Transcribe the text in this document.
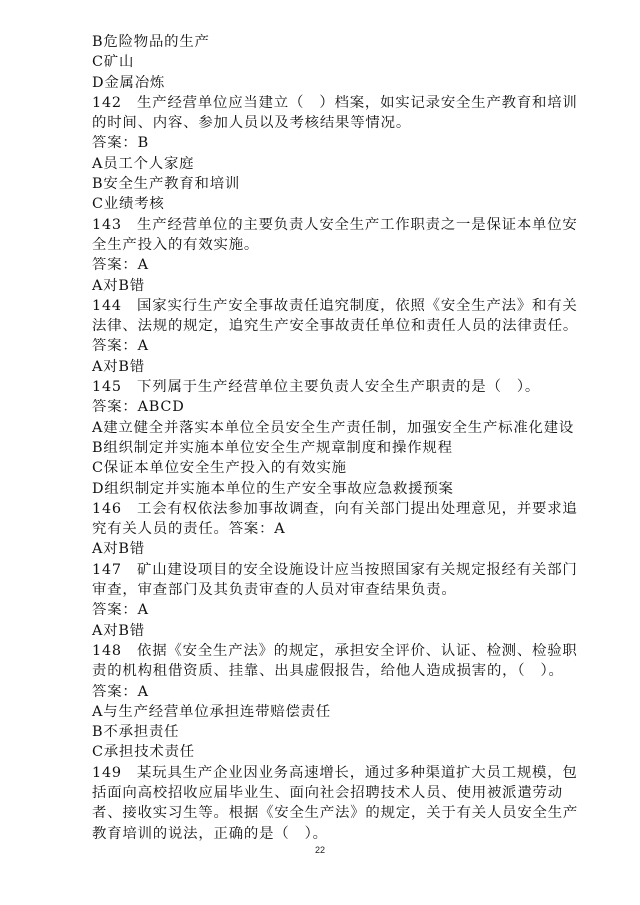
B危险物品的生产
C矿山
D金属冶炼
142　生产经营单位应当建立（　）档案，如实记录安全生产教育和培训的时间、内容、参加人员以及考核结果等情况。
答案：B
A员工个人家庭
B安全生产教育和培训
C业绩考核
143　生产经营单位的主要负责人安全生产工作职责之一是保证本单位安全生产投入的有效实施。
答案：A
A对B错
144　国家实行生产安全事故责任追究制度，依照《安全生产法》和有关法律、法规的规定，追究生产安全事故责任单位和责任人员的法律责任。
答案：A
A对B错
145　下列属于生产经营单位主要负责人安全生产职责的是（　）。
答案：ABCD
A建立健全并落实本单位全员安全生产责任制，加强安全生产标准化建设
B组织制定并实施本单位安全生产规章制度和操作规程
C保证本单位安全生产投入的有效实施
D组织制定并实施本单位的生产安全事故应急救援预案
146　工会有权依法参加事故调查，向有关部门提出处理意见，并要求追究有关人员的责任。答案：A
A对B错
147　矿山建设项目的安全设施设计应当按照国家有关规定报经有关部门审查，审查部门及其负责审查的人员对审查结果负责。
答案：A
A对B错
148　依据《安全生产法》的规定，承担安全评价、认证、检测、检验职责的机构租借资质、挂靠、出具虚假报告，给他人造成损害的，（　）。
答案：A
A与生产经营单位承担连带赔偿责任
B不承担责任
C承担技术责任
149　某玩具生产企业因业务高速增长，通过多种渠道扩大员工规模，包括面向高校招收应届毕业生、面向社会招聘技术人员、使用被派遣劳动者、接收实习生等。根据《安全生产法》的规定，关于有关人员安全生产教育培训的说法，正确的是（　）。
22
